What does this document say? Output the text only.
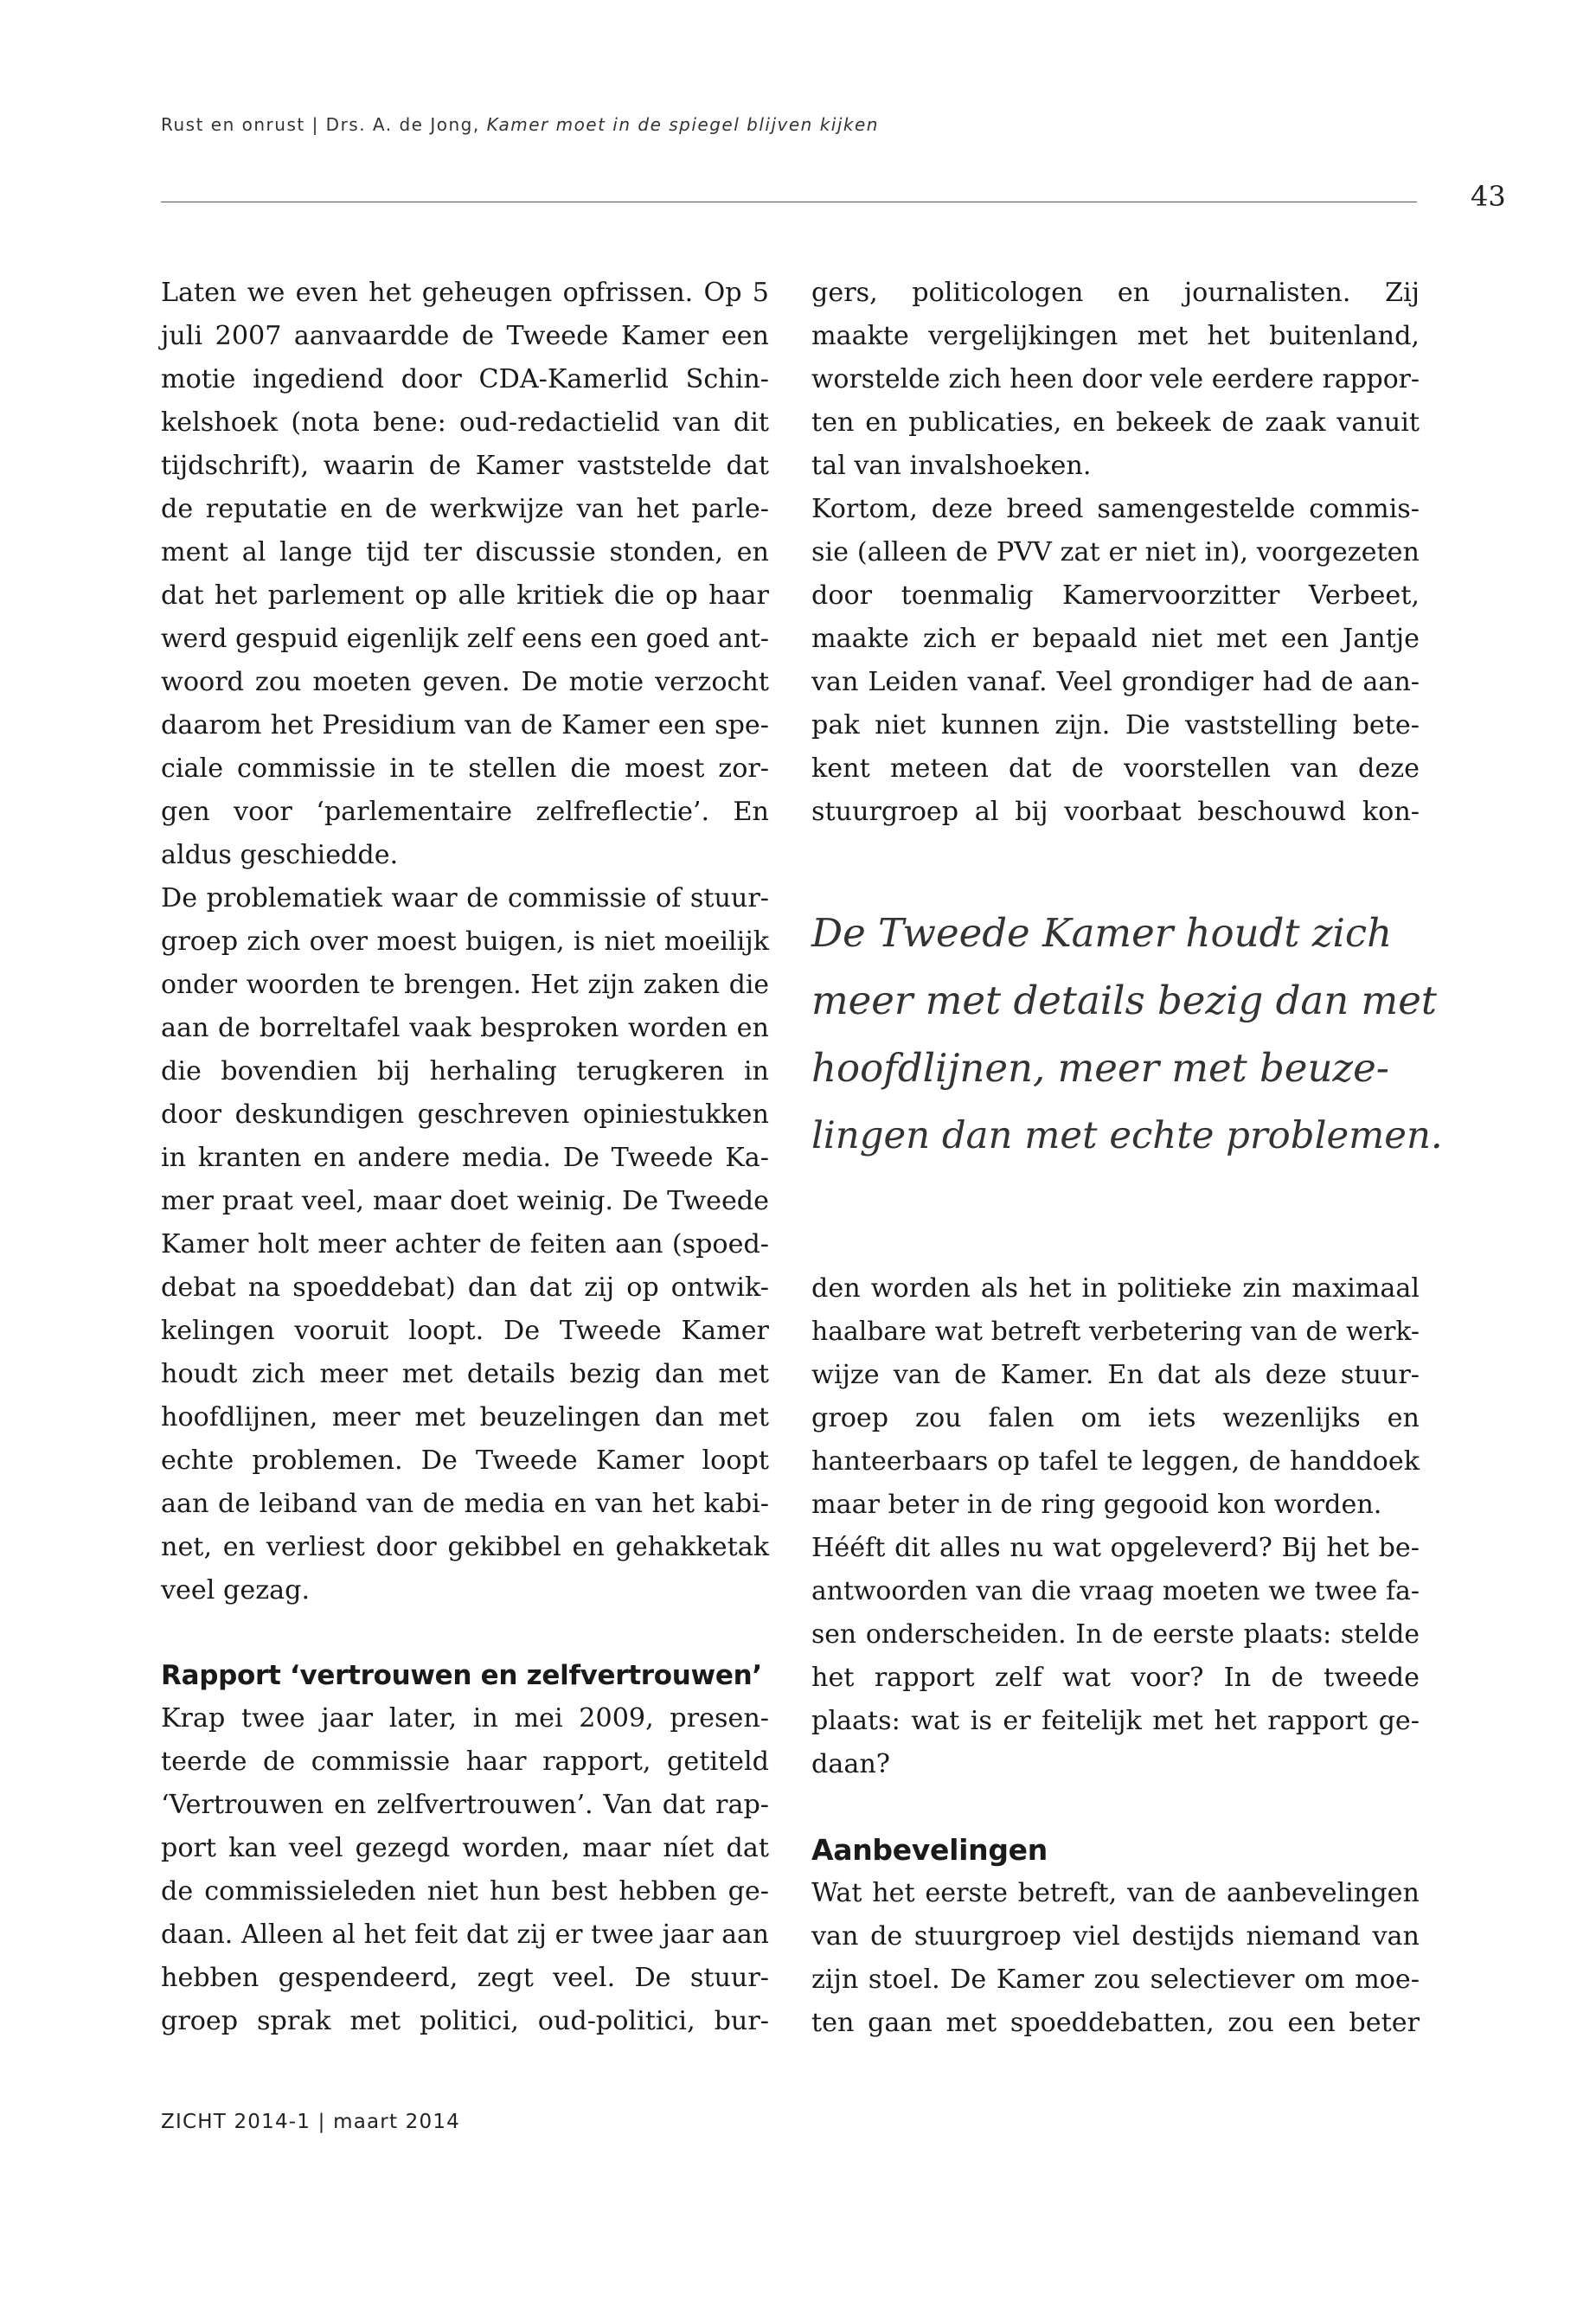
Rust en onrust | Drs. A. de Jong, Kamer moet in de spiegel blijven kijken
43

Laten we even het geheugen opfrissen. Op 5
juli 2007 aanvaardde de Tweede Kamer een
motie ingediend door CDA-Kamerlid Schin-
kelshoek (nota bene: oud-redactielid van dit
tijdschrift), waarin de Kamer vaststelde dat
de reputatie en de werkwijze van het parle-
ment al lange tijd ter discussie stonden, en
dat het parlement op alle kritiek die op haar
werd gespuid eigenlijk zelf eens een goed ant-
woord zou moeten geven. De motie verzocht
daarom het Presidium van de Kamer een spe-
ciale commissie in te stellen die moest zor-
gen voor ‘parlementaire zelfreflectie’. En
aldus geschiedde.

De problematiek waar de commissie of stuur-
groep zich over moest buigen, is niet moeilijk
onder woorden te brengen. Het zijn zaken die
aan de borreltafel vaak besproken worden en
die bovendien bij herhaling terugkeren in
door deskundigen geschreven opiniestukken
in kranten en andere media. De Tweede Ka-
mer praat veel, maar doet weinig. De Tweede
Kamer holt meer achter de feiten aan (spoed-
debat na spoeddebat) dan dat zij op ontwik-
kelingen vooruit loopt. De Tweede Kamer
houdt zich meer met details bezig dan met
hoofdlijnen, meer met beuzelingen dan met
echte problemen. De Tweede Kamer loopt
aan de leiband van de media en van het kabi-
net, en verliest door gekibbel en gehakketak
veel gezag.

Rapport ‘vertrouwen en zelfvertrouwen’

Krap twee jaar later, in mei 2009, presen-
teerde de commissie haar rapport, getiteld
‘Vertrouwen en zelfvertrouwen’. Van dat rap-
port kan veel gezegd worden, maar níet dat
de commissieleden niet hun best hebben ge-
daan. Alleen al het feit dat zij er twee jaar aan
hebben gespendeerd, zegt veel. De stuur-
groep sprak met politici, oud-politici, bur-

gers, politicologen en journalisten. Zij
maakte vergelijkingen met het buitenland,
worstelde zich heen door vele eerdere rappor-
ten en publicaties, en bekeek de zaak vanuit
tal van invalshoeken.

Kortom, deze breed samengestelde commis-
sie (alleen de PVV zat er niet in), voorgezeten
door toenmalig Kamervoorzitter Verbeet,
maakte zich er bepaald niet met een Jantje
van Leiden vanaf. Veel grondiger had de aan-
pak niet kunnen zijn. Die vaststelling bete-
kent meteen dat de voorstellen van deze
stuurgroep al bij voorbaat beschouwd kon-

De Tweede Kamer houdt zich
meer met details bezig dan met
hoofdlijnen, meer met beuze-
lingen dan met echte problemen.

den worden als het in politieke zin maximaal
haalbare wat betreft verbetering van de werk-
wijze van de Kamer. En dat als deze stuur-
groep zou falen om iets wezenlijks en
hanteerbaars op tafel te leggen, de handdoek
maar beter in de ring gegooid kon worden.

Hééft dit alles nu wat opgeleverd? Bij het be-
antwoorden van die vraag moeten we twee fa-
sen onderscheiden. In de eerste plaats: stelde
het rapport zelf wat voor? In de tweede
plaats: wat is er feitelijk met het rapport ge-
daan?

Aanbevelingen

Wat het eerste betreft, van de aanbevelingen
van de stuurgroep viel destijds niemand van
zijn stoel. De Kamer zou selectiever om moe-
ten gaan met spoeddebatten, zou een beter

ZICHT 2014-1 | maart 2014
